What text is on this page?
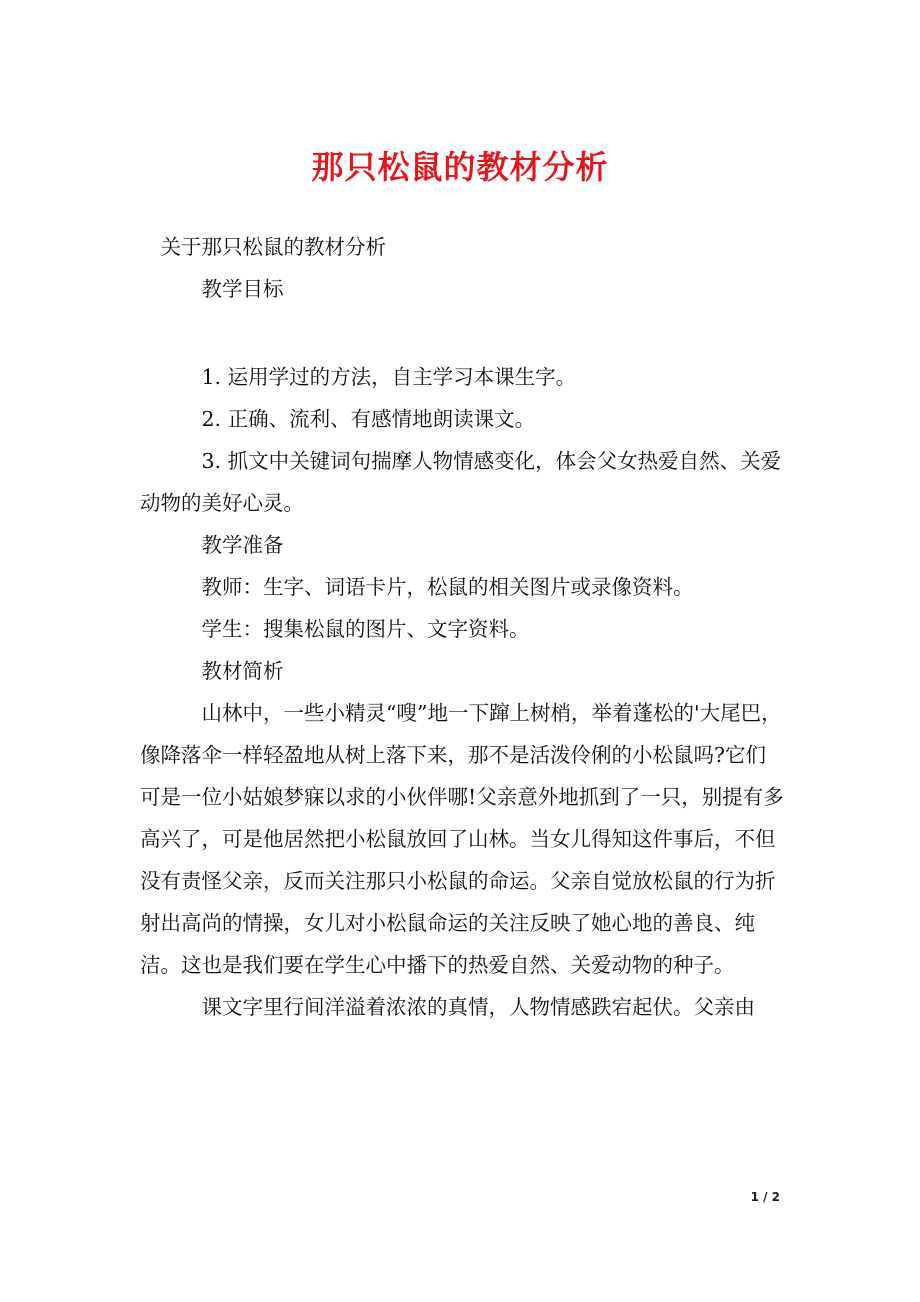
那只松鼠的教材分析

关于那只松鼠的教材分析

教学目标

1. 运用学过的方法，自主学习本课生字。

2. 正确、流利、有感情地朗读课文。

3. 抓文中关键词句揣摩人物情感变化，体会父女热爱自然、关爱动物的美好心灵。

教学准备

教师：生字、词语卡片，松鼠的相关图片或录像资料。

学生：搜集松鼠的图片、文字资料。

教材简析

山林中，一些小精灵“嗖”地一下蹿上树梢，举着蓬松的'大尾巴，像降落伞一样轻盈地从树上落下来，那不是活泼伶俐的小松鼠吗?它们可是一位小姑娘梦寐以求的小伙伴哪!父亲意外地抓到了一只，别提有多高兴了，可是他居然把小松鼠放回了山林。当女儿得知这件事后，不但没有责怪父亲，反而关注那只小松鼠的命运。父亲自觉放松鼠的行为折射出高尚的情操，女儿对小松鼠命运的关注反映了她心地的善良、纯洁。这也是我们要在学生心中播下的热爱自然、关爱动物的种子。

课文字里行间洋溢着浓浓的真情，人物情感跌宕起伏。父亲由

1 / 2
